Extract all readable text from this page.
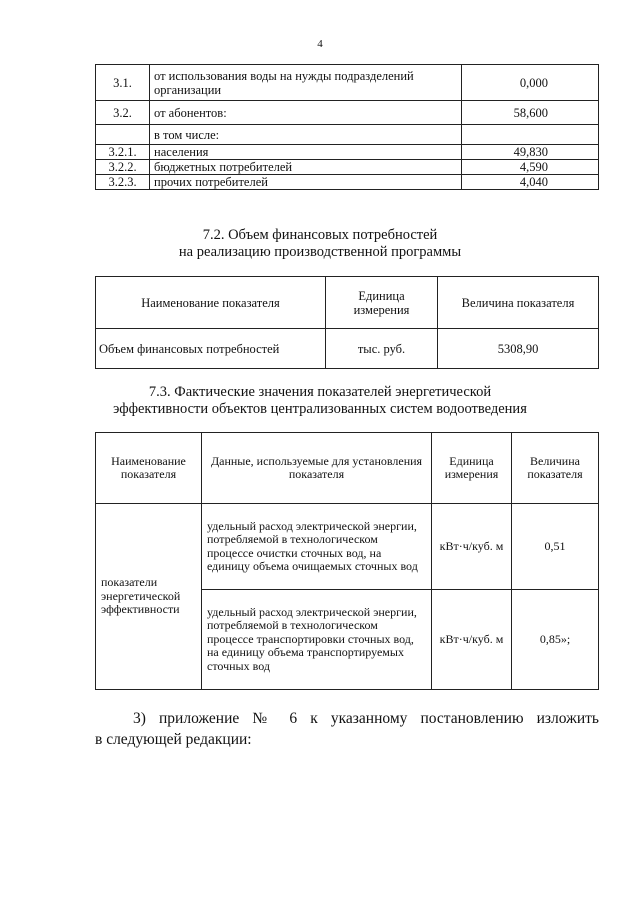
4
3.1.	от использования воды на нужды подразделений организации	0,000
3.2.	от абонентов:	58,600
	в том числе:	
3.2.1.	населения	49,830
3.2.2.	бюджетных потребителей	4,590
3.2.3.	прочих потребителей	4,040
7.2. Объем финансовых потребностей
на реализацию производственной программы
Наименование показателя	Единица измерения	Величина показателя
Объем финансовых потребностей	тыс. руб.	5308,90
7.3. Фактические значения показателей энергетической
эффективности объектов централизованных систем водоотведения
Наименование показателя	Данные, используемые для установления показателя	Единица измерения	Величина показателя
показатели энергетической эффективности	удельный расход электрической энергии, потребляемой в технологическом процессе очистки сточных вод, на единицу объема очищаемых сточных вод	кВт·ч/куб. м	0,51
	удельный расход электрической энергии, потребляемой в технологическом процессе транспортировки сточных вод, на единицу объема транспортируемых сточных вод	кВт·ч/куб. м	0,85»;
3) приложение № 6 к указанному постановлению изложить
в следующей редакции:
